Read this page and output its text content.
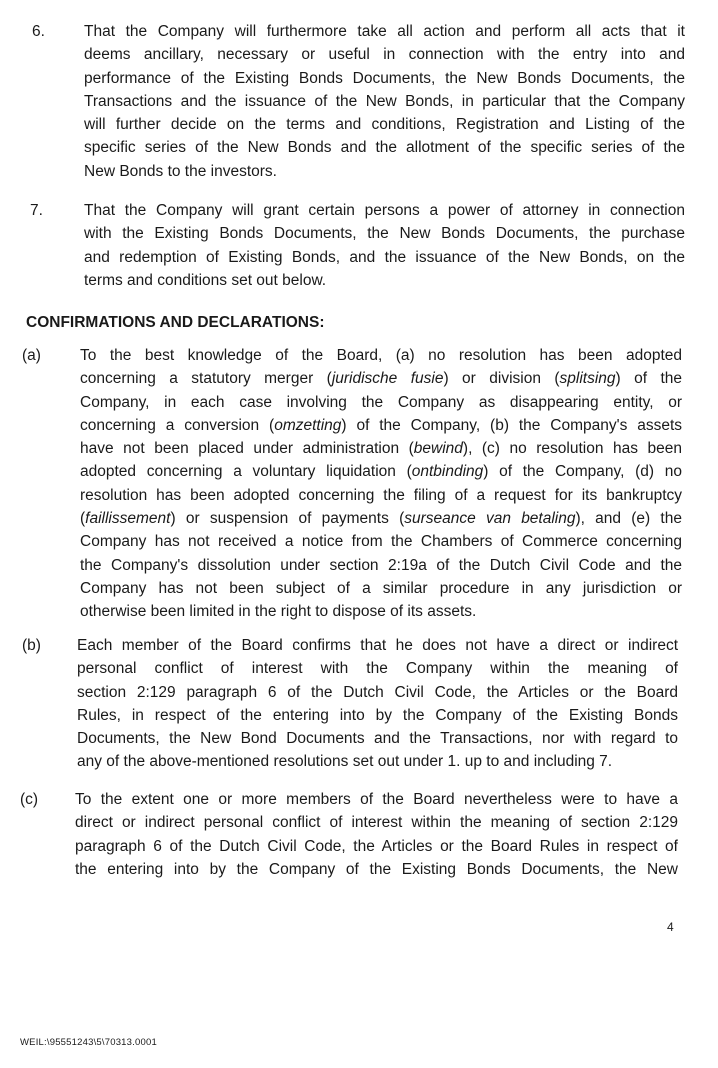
6.	That the Company will furthermore take all action and perform all acts that it
deems ancillary, necessary or useful in connection with the entry into and
performance of the Existing Bonds Documents, the New Bonds Documents, the
Transactions and the issuance of the New Bonds, in particular that the Company
will further decide on the terms and conditions, Registration and Listing of the
specific series of the New Bonds and the allotment of the specific series of the
New Bonds to the investors.
7.	That the Company will grant certain persons a power of attorney in connection
with the Existing Bonds Documents, the New Bonds Documents, the purchase
and redemption of Existing Bonds, and the issuance of the New Bonds, on the
terms and conditions set out below.
CONFIRMATIONS AND DECLARATIONS:
(a)	To the best knowledge of the Board, (a) no resolution has been adopted
concerning a statutory merger (juridische fusie) or division (splitsing) of the
Company, in each case involving the Company as disappearing entity, or
concerning a conversion (omzetting) of the Company, (b) the Company's assets
have not been placed under administration (bewind), (c) no resolution has been
adopted concerning a voluntary liquidation (ontbinding) of the Company, (d) no
resolution has been adopted concerning the filing of a request for its bankruptcy
(faillissement) or suspension of payments (surseance van betaling), and (e) the
Company has not received a notice from the Chambers of Commerce concerning
the Company's dissolution under section 2:19a of the Dutch Civil Code and the
Company has not been subject of a similar procedure in any jurisdiction or
otherwise been limited in the right to dispose of its assets.
(b) Each member of the Board confirms that he does not have a direct or indirect
personal conflict of interest with the Company within the meaning of
section 2:129 paragraph 6 of the Dutch Civil Code, the Articles or the Board
Rules, in respect of the entering into by the Company of the Existing Bonds
Documents, the New Bond Documents and the Transactions, nor with regard to
any of the above-mentioned resolutions set out under 1. up to and including 7.
(c) To the extent one or more members of the Board nevertheless were to have a
direct or indirect personal conflict of interest within the meaning of section 2:129
paragraph 6 of the Dutch Civil Code, the Articles or the Board Rules in respect of
the entering into by the Company of the Existing Bonds Documents, the New
4
WEIL:\95551243\5\70313.0001
